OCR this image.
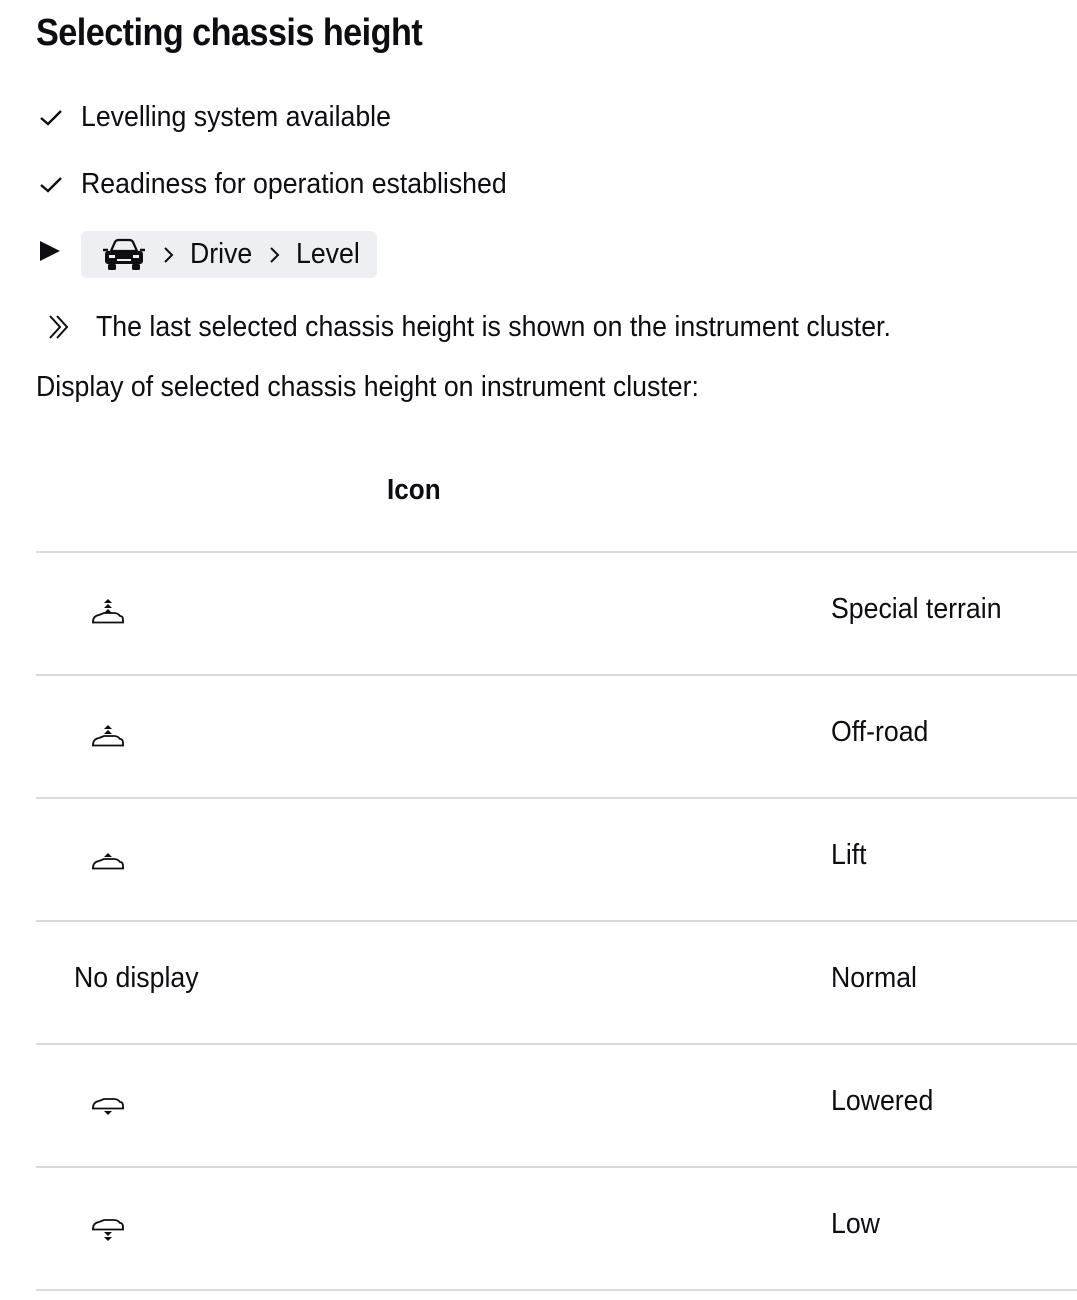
Selecting chassis height
Levelling system available
Readiness for operation established
Drive Level
The last selected chassis height is shown on the instrument cluster.
Display of selected chassis height on instrument cluster:
Icon
Special terrain
Off-road
Lift
No display	Normal
Lowered
Low
